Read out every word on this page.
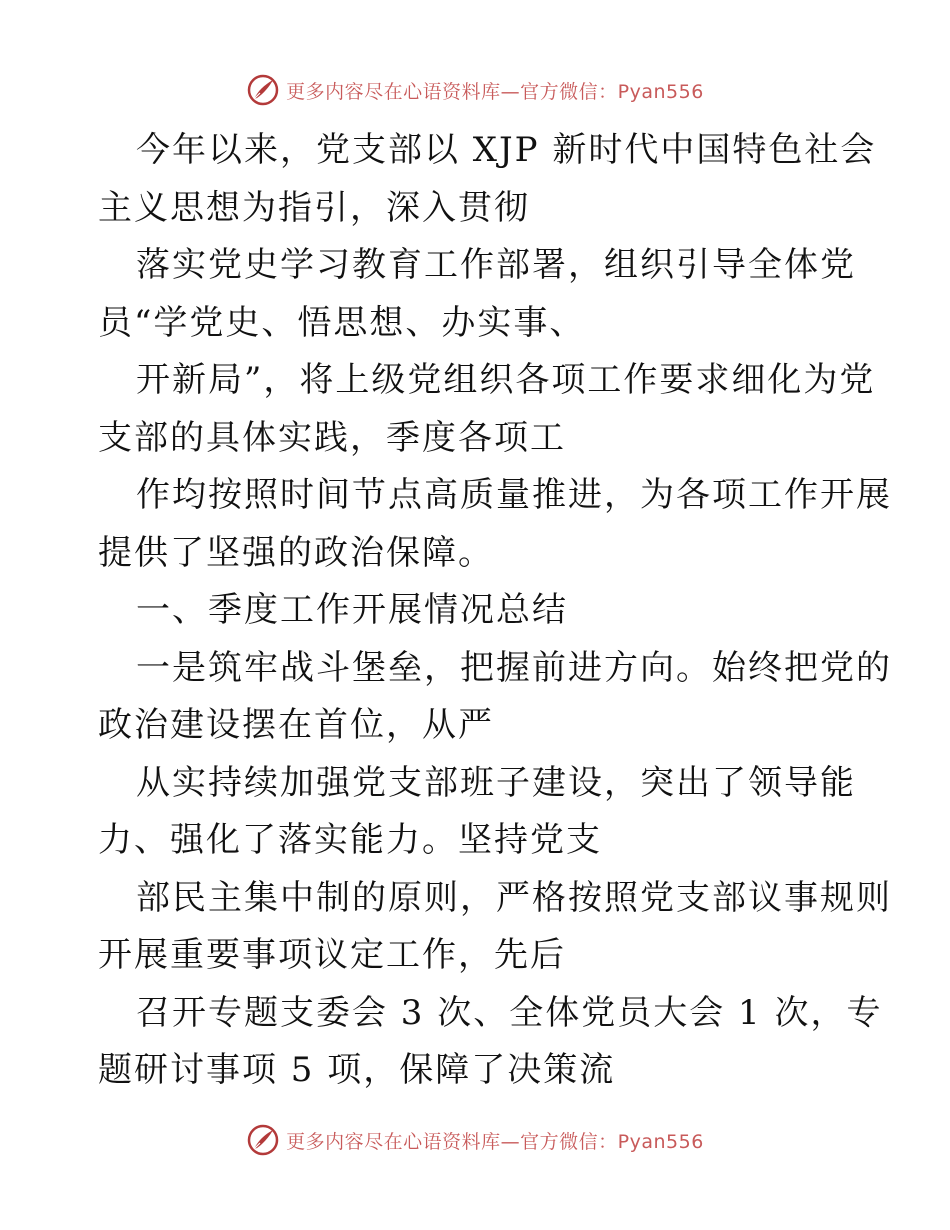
更多内容尽在心语资料库—官方微信：Pyan556
今年以来，党支部以 XJP 新时代中国特色社会
主义思想为指引，深入贯彻
落实党史学习教育工作部署，组织引导全体党
员“学党史、悟思想、办实事、
开新局”，将上级党组织各项工作要求细化为党
支部的具体实践，季度各项工
作均按照时间节点高质量推进，为各项工作开展
提供了坚强的政治保障。
一、季度工作开展情况总结
一是筑牢战斗堡垒，把握前进方向。始终把党的
政治建设摆在首位，从严
从实持续加强党支部班子建设，突出了领导能
力、强化了落实能力。坚持党支
部民主集中制的原则，严格按照党支部议事规则
开展重要事项议定工作，先后
召开专题支委会 3 次、全体党员大会 1 次，专
题研讨事项 5 项，保障了决策流
更多内容尽在心语资料库—官方微信：Pyan556
